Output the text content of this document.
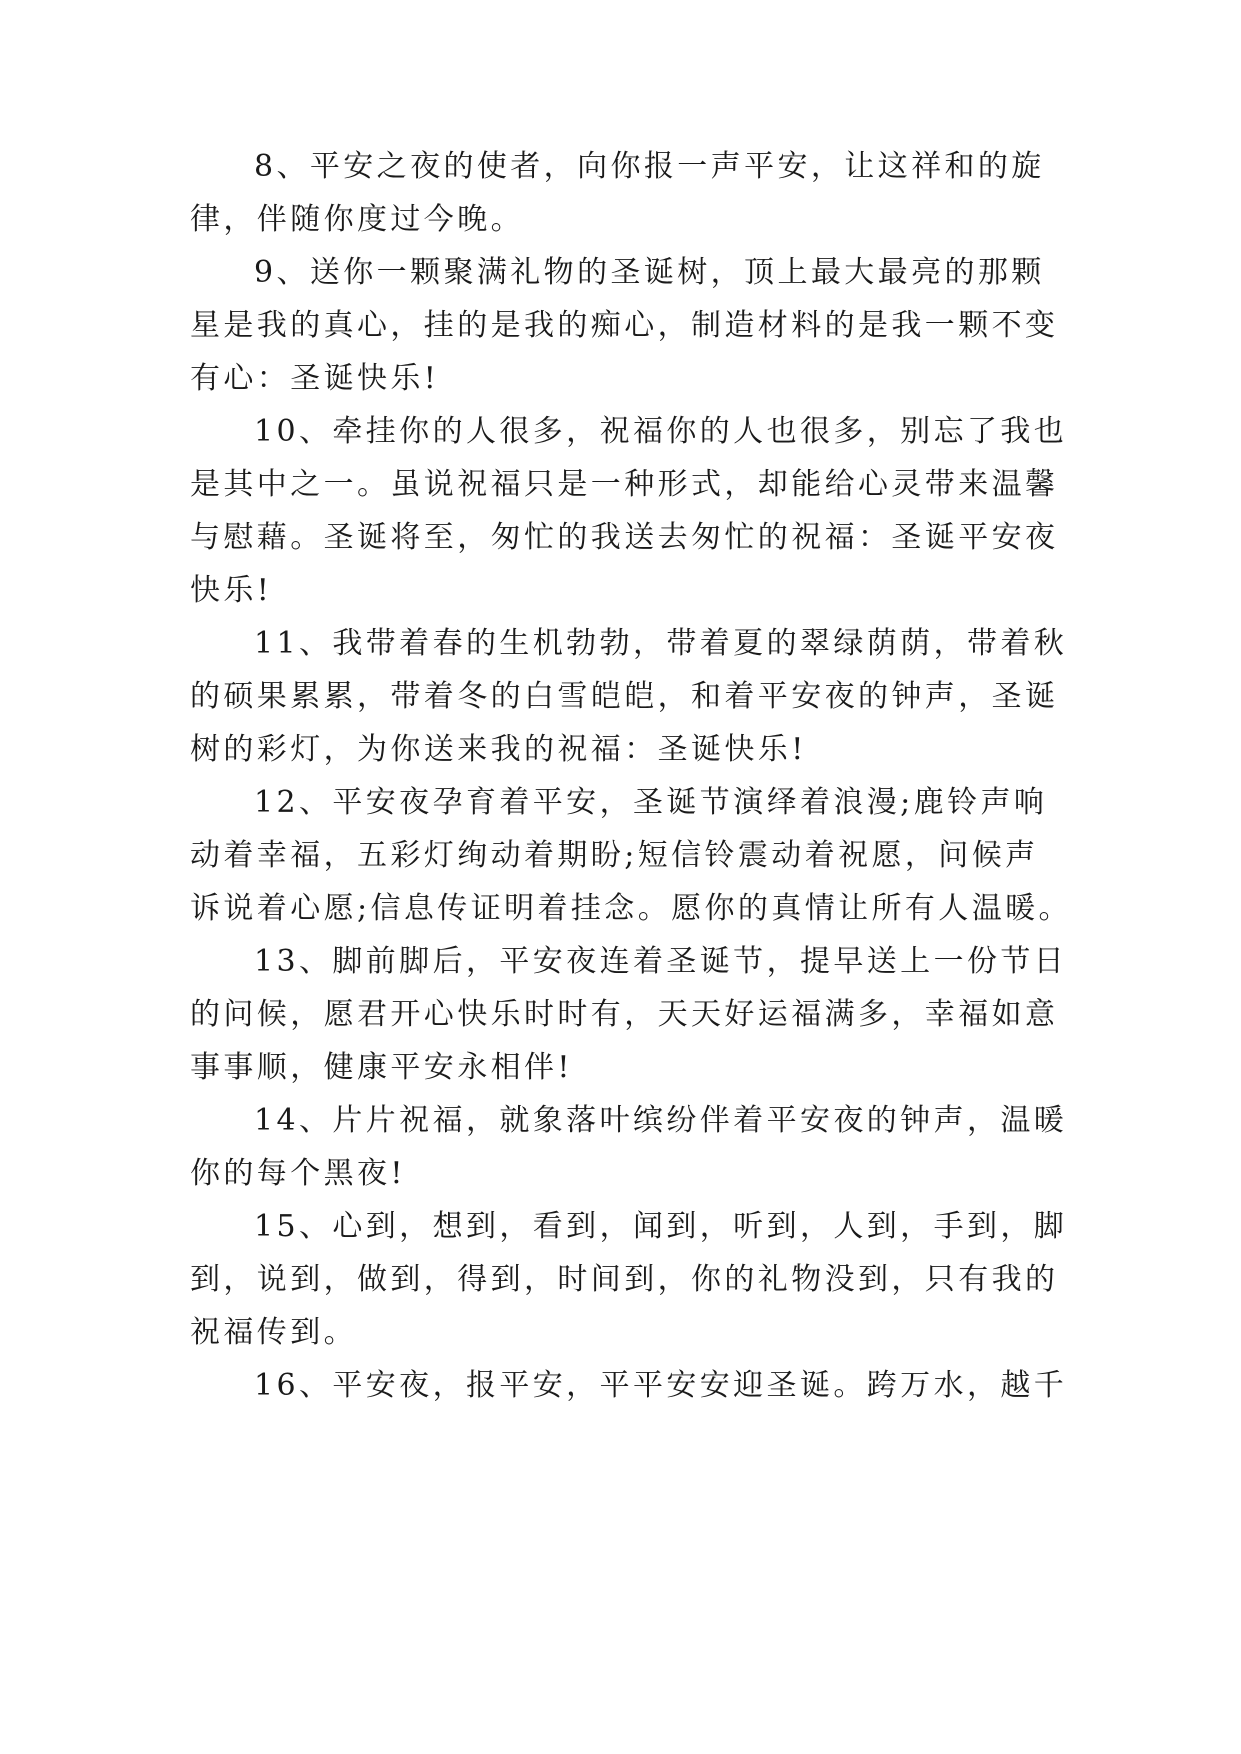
8、平安之夜的使者，向你报一声平安，让这祥和的旋
律，伴随你度过今晚。
9、送你一颗聚满礼物的圣诞树，顶上最大最亮的那颗
星是我的真心，挂的是我的痴心，制造材料的是我一颗不变
有心：圣诞快乐!
10、牵挂你的人很多，祝福你的人也很多，别忘了我也
是其中之一。虽说祝福只是一种形式，却能给心灵带来温馨
与慰藉。圣诞将至，匆忙的我送去匆忙的祝福：圣诞平安夜
快乐!
11、我带着春的生机勃勃，带着夏的翠绿荫荫，带着秋
的硕果累累，带着冬的白雪皑皑，和着平安夜的钟声，圣诞
树的彩灯，为你送来我的祝福：圣诞快乐!
12、平安夜孕育着平安，圣诞节演绎着浪漫;鹿铃声响
动着幸福，五彩灯绚动着期盼;短信铃震动着祝愿，问候声
诉说着心愿;信息传证明着挂念。愿你的真情让所有人温暖。
13、脚前脚后，平安夜连着圣诞节，提早送上一份节日
的问候，愿君开心快乐时时有，天天好运福满多，幸福如意
事事顺，健康平安永相伴!
14、片片祝福，就象落叶缤纷伴着平安夜的钟声，温暖
你的每个黑夜!
15、心到，想到，看到，闻到，听到，人到，手到，脚
到，说到，做到，得到，时间到，你的礼物没到，只有我的
祝福传到。
16、平安夜，报平安，平平安安迎圣诞。跨万水，越千
